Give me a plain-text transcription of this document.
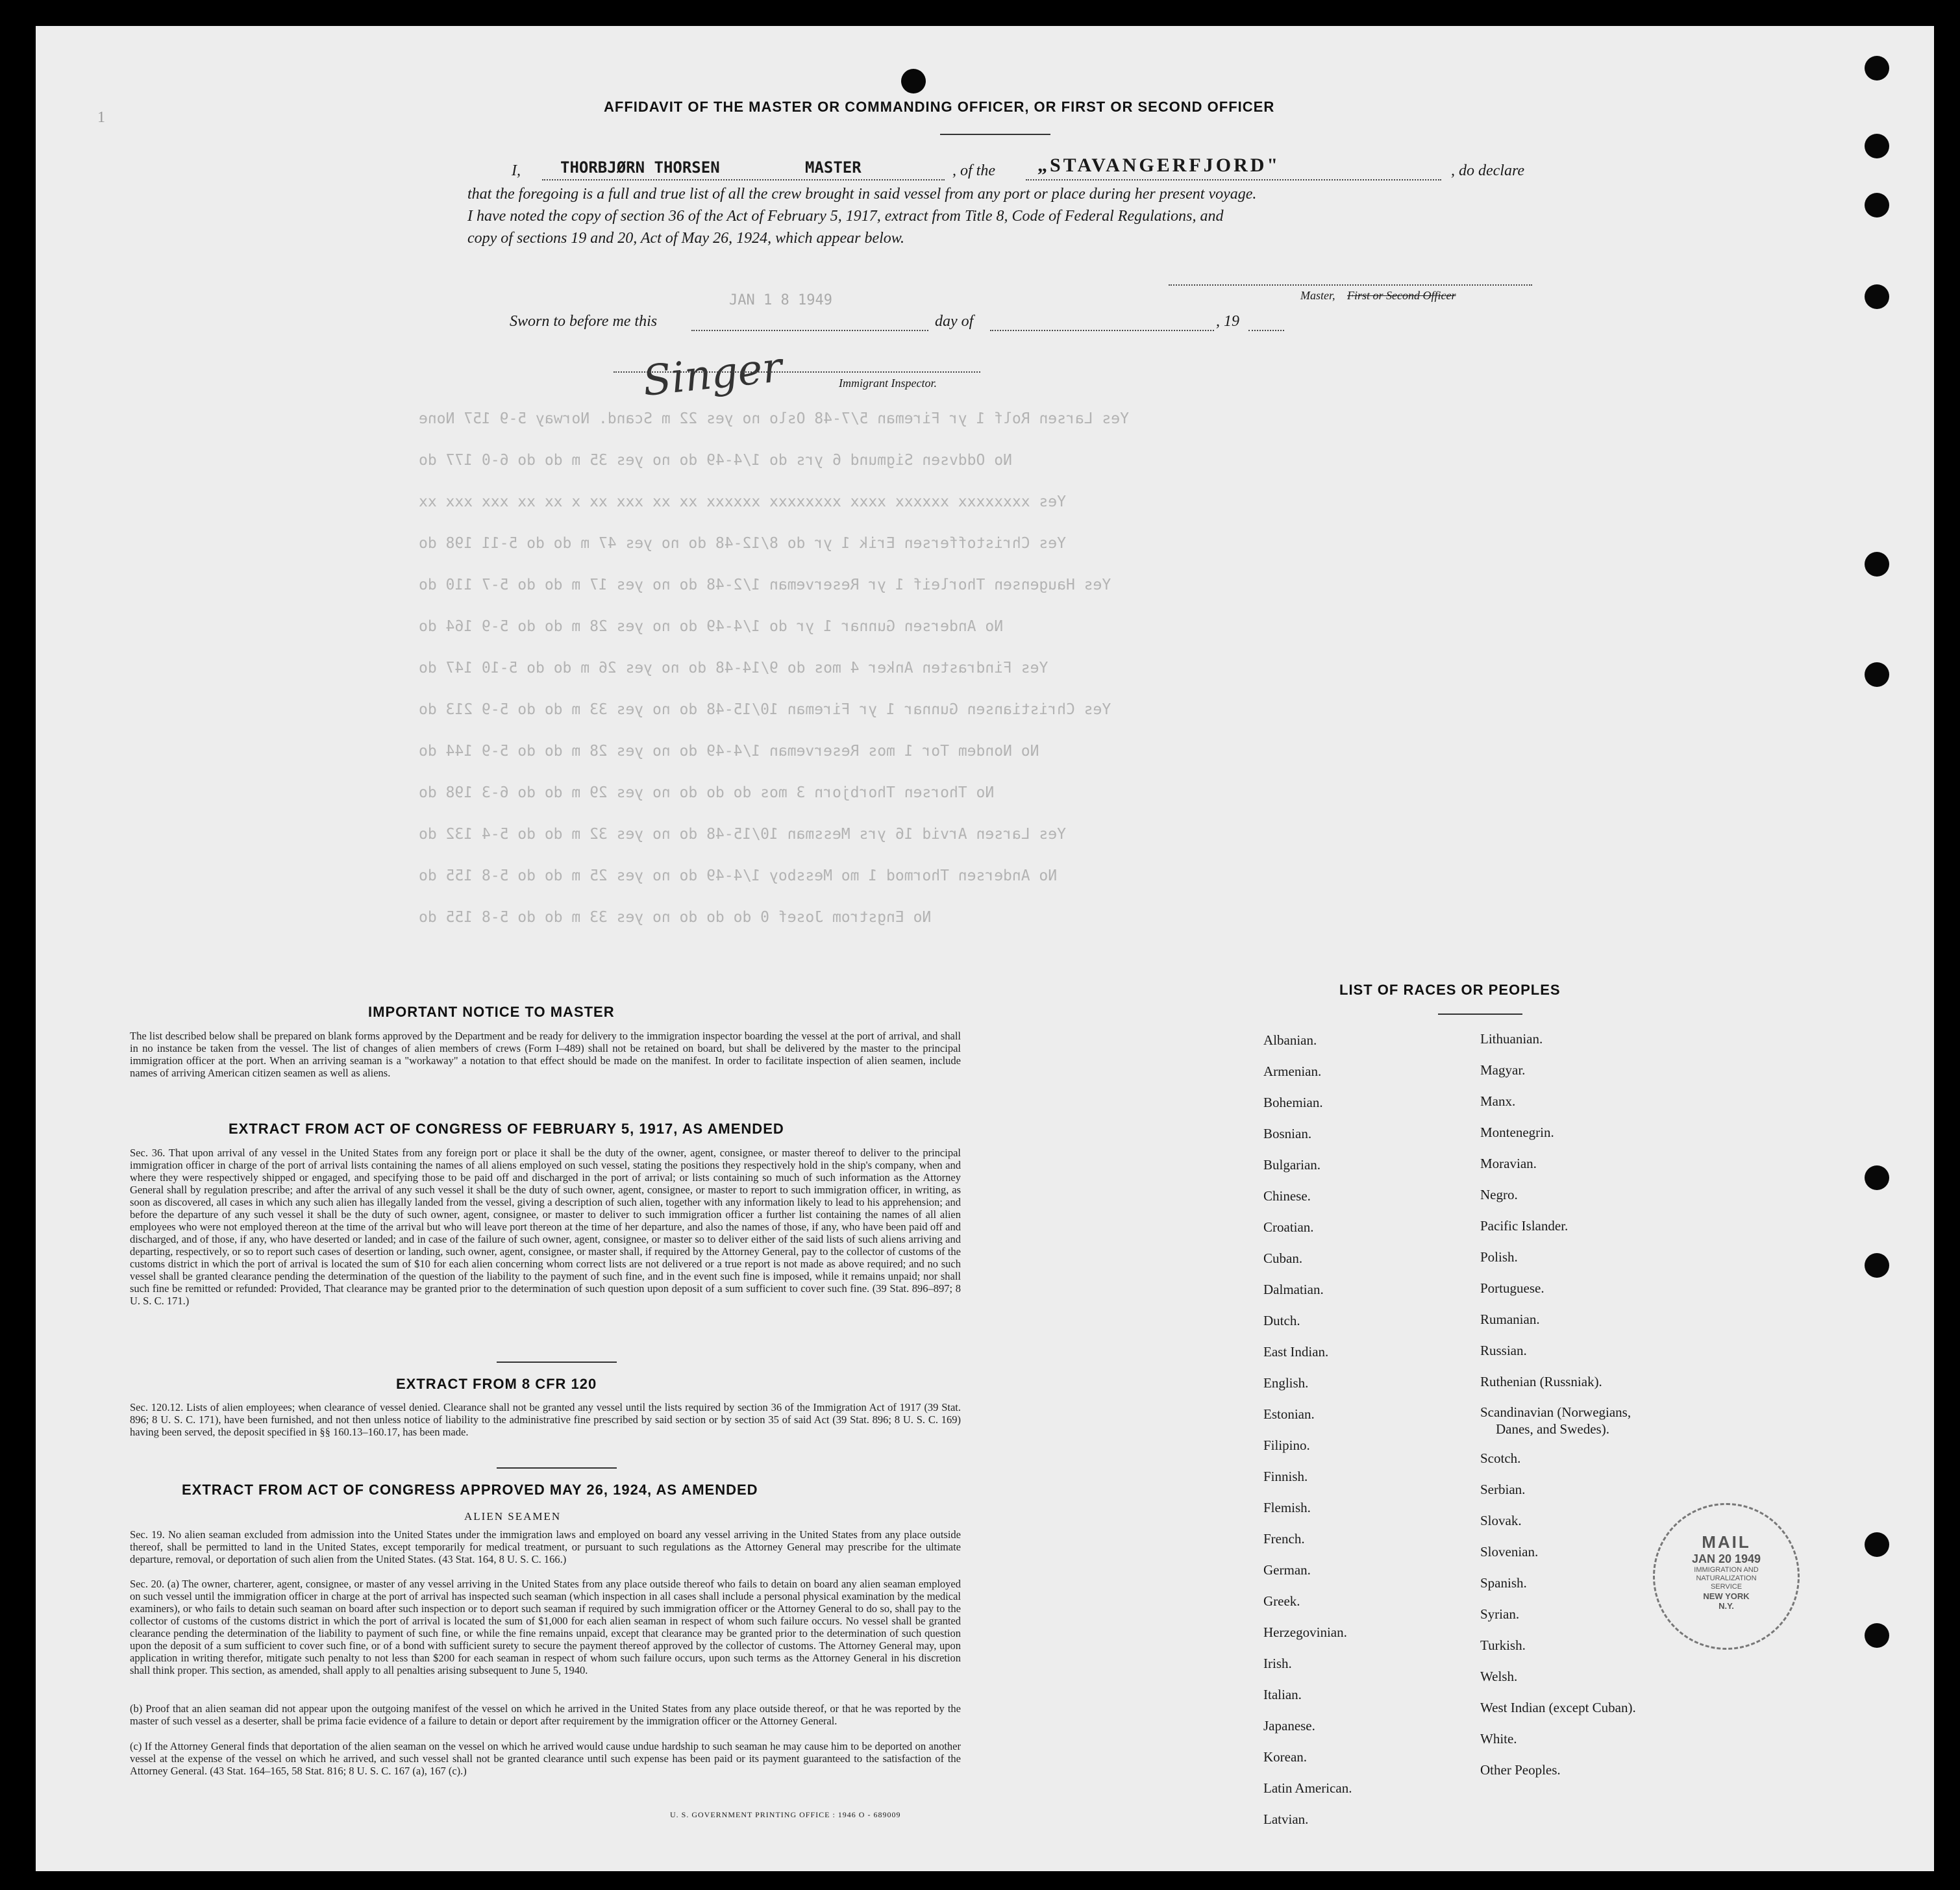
1
AFFIDAVIT OF THE MASTER OR COMMANDING OFFICER, OR FIRST OR SECOND OFFICER
I,	THORBJØRN THORSEN	MASTER	, of the „STAVANGERFJORD"	, do declare
that the foregoing is a full and true list of all the crew brought in said vessel from any port or place during her present voyage.
I have noted the copy of section 36 of the Act of February 5, 1917, extract from Title 8, Code of Federal Regulations, and
copy of sections 19 and 20, Act of May 26, 1924, which appear below.
Master, First or Second Officer
JAN 1 8 1949
Sworn to before me this	day of	, 19
Singer	Immigrant Inspector.
Yes Larsen Rolf 1 yr Fireman 5/7-48 Oslo no yes 22 m Scand. Norway 5-9 157 None
No Oddvsen Sigmund 6 yrs do 1/4-49 do no yes 35 m do do 6-0 177 do
Yes xxxxxxxx xxxxxx xxxx xxxxxxxx xxxxxx xx xx xxx xx x xx xx xxx xxx xx
Yes Christoffersen Erik 1 yr do 8/12-48 do no yes 47 m do do 5-11 198 do
Yes Haugensen Thorleif 1 yr Reserveman 1/2-48 do no yes 17 m do do 5-7 110 do
No Andersen Gunnar 1 yr do 1/4-49 do no yes 28 m do do 5-9 164 do
Yes Findrasten Anker 4 mos do 9/14-48 do no yes 26 m do do 5-10 147 do
Yes Christiansen Gunnar 1 yr Fireman 10/15-48 do no yes 33 m do do 5-9 213 do
No Nondem Tor 1 mos Reserveman 1/4-49 do no yes 28 m do do 5-9 144 do
No Thorsen Thorbjorn 3 mos do do do no yes 29 m do do 6-3 198 do
Yes Larsen Arvid 16 yrs Messman 10/15-48 do no yes 32 m do do 5-4 132 do
No Andersen Thormod 1 mo Messboy 1/4-49 do no yes 25 m do do 5-8 155 do
No Engstrom Josef 0 do do do no yes 33 m do do 5-8 155 do
IMPORTANT NOTICE TO MASTER
The list described below shall be prepared on blank forms approved by the Department and be ready for delivery to the immigration inspector boarding the vessel at the port of arrival, and shall in no instance be taken from the vessel. The list of changes of alien members of crews (Form I–489) shall not be retained on board, but shall be delivered by the master to the principal immigration officer at the port. When an arriving seaman is a "workaway" a notation to that effect should be made on the manifest. In order to facilitate inspection of alien seamen, include names of arriving American citizen seamen as well as aliens.
EXTRACT FROM ACT OF CONGRESS OF FEBRUARY 5, 1917, AS AMENDED
Sec. 36. That upon arrival of any vessel in the United States from any foreign port or place it shall be the duty of the owner, agent, consignee, or master thereof to deliver to the principal immigration officer in charge of the port of arrival lists containing the names of all aliens employed on such vessel, stating the positions they respectively hold in the ship's company, when and where they were respectively shipped or engaged, and specifying those to be paid off and discharged in the port of arrival; or lists containing so much of such information as the Attorney General shall by regulation prescribe; and after the arrival of any such vessel it shall be the duty of such owner, agent, consignee, or master to report to such immigration officer, in writing, as soon as discovered, all cases in which any such alien has illegally landed from the vessel, giving a description of such alien, together with any information likely to lead to his apprehension; and before the departure of any such vessel it shall be the duty of such owner, agent, consignee, or master to deliver to such immigration officer a further list containing the names of all alien employees who were not employed thereon at the time of the arrival but who will leave port thereon at the time of her departure, and also the names of those, if any, who have been paid off and discharged, and of those, if any, who have deserted or landed; and in case of the failure of such owner, agent, consignee, or master so to deliver either of the said lists of such aliens arriving and departing, respectively, or so to report such cases of desertion or landing, such owner, agent, consignee, or master shall, if required by the Attorney General, pay to the collector of customs of the customs district in which the port of arrival is located the sum of $10 for each alien concerning whom correct lists are not delivered or a true report is not made as above required; and no such vessel shall be granted clearance pending the determination of the question of the liability to the payment of such fine, and in the event such fine is imposed, while it remains unpaid; nor shall such fine be remitted or refunded: Provided, That clearance may be granted prior to the determination of such question upon deposit of a sum sufficient to cover such fine. (39 Stat. 896–897; 8 U. S. C. 171.)
EXTRACT FROM 8 CFR 120
Sec. 120.12. Lists of alien employees; when clearance of vessel denied. Clearance shall not be granted any vessel until the lists required by section 36 of the Immigration Act of 1917 (39 Stat. 896; 8 U. S. C. 171), have been furnished, and not then unless notice of liability to the administrative fine prescribed by said section or by section 35 of said Act (39 Stat. 896; 8 U. S. C. 169) having been served, the deposit specified in §§ 160.13–160.17, has been made.
EXTRACT FROM ACT OF CONGRESS APPROVED MAY 26, 1924, AS AMENDED
ALIEN SEAMEN
Sec. 19. No alien seaman excluded from admission into the United States under the immigration laws and employed on board any vessel arriving in the United States from any place outside thereof, shall be permitted to land in the United States, except temporarily for medical treatment, or pursuant to such regulations as the Attorney General may prescribe for the ultimate departure, removal, or deportation of such alien from the United States. (43 Stat. 164, 8 U. S. C. 166.)
Sec. 20. (a) The owner, charterer, agent, consignee, or master of any vessel arriving in the United States from any place outside thereof who fails to detain on board any alien seaman employed on such vessel until the immigration officer in charge at the port of arrival has inspected such seaman (which inspection in all cases shall include a personal physical examination by the medical examiners), or who fails to detain such seaman on board after such inspection or to deport such seaman if required by such immigration officer or the Attorney General to do so, shall pay to the collector of customs of the customs district in which the port of arrival is located the sum of $1,000 for each alien seaman in respect of whom such failure occurs. No vessel shall be granted clearance pending the determination of the liability to payment of such fine, or while the fine remains unpaid, except that clearance may be granted prior to the determination of such question upon the deposit of a sum sufficient to cover such fine, or of a bond with sufficient surety to secure the payment thereof approved by the collector of customs. The Attorney General may, upon application in writing therefor, mitigate such penalty to not less than $200 for each seaman in respect of whom such failure occurs, upon such terms as the Attorney General in his discretion shall think proper. This section, as amended, shall apply to all penalties arising subsequent to June 5, 1940.
(b) Proof that an alien seaman did not appear upon the outgoing manifest of the vessel on which he arrived in the United States from any place outside thereof, or that he was reported by the master of such vessel as a deserter, shall be prima facie evidence of a failure to detain or deport after requirement by the immigration officer or the Attorney General.
(c) If the Attorney General finds that deportation of the alien seaman on the vessel on which he arrived would cause undue hardship to such seaman he may cause him to be deported on another vessel at the expense of the vessel on which he arrived, and such vessel shall not be granted clearance until such expense has been paid or its payment guaranteed to the satisfaction of the Attorney General. (43 Stat. 164–165, 58 Stat. 816; 8 U. S. C. 167 (a), 167 (c).)
U. S. GOVERNMENT PRINTING OFFICE : 1946 O - 689009
LIST OF RACES OR PEOPLES
Albanian.
Armenian.
Bohemian.
Bosnian.
Bulgarian.
Chinese.
Croatian.
Cuban.
Dalmatian.
Dutch.
East Indian.
English.
Estonian.
Filipino.
Finnish.
Flemish.
French.
German.
Greek.
Herzegovinian.
Irish.
Italian.
Japanese.
Korean.
Latin American.
Latvian.
Lithuanian.
Magyar.
Manx.
Montenegrin.
Moravian.
Negro.
Pacific Islander.
Polish.
Portuguese.
Rumanian.
Russian.
Ruthenian (Russniak).
Scandinavian (Norwegians,
Danes, and Swedes).
Scotch.
Serbian.
Slovak.
Slovenian.
Spanish.
Syrian.
Turkish.
Welsh.
West Indian (except Cuban).
White.
Other Peoples.
MAIL
JAN 20 1949
IMMIGRATION AND NATURALIZATION SERVICE
NEW YORK
N.Y.
